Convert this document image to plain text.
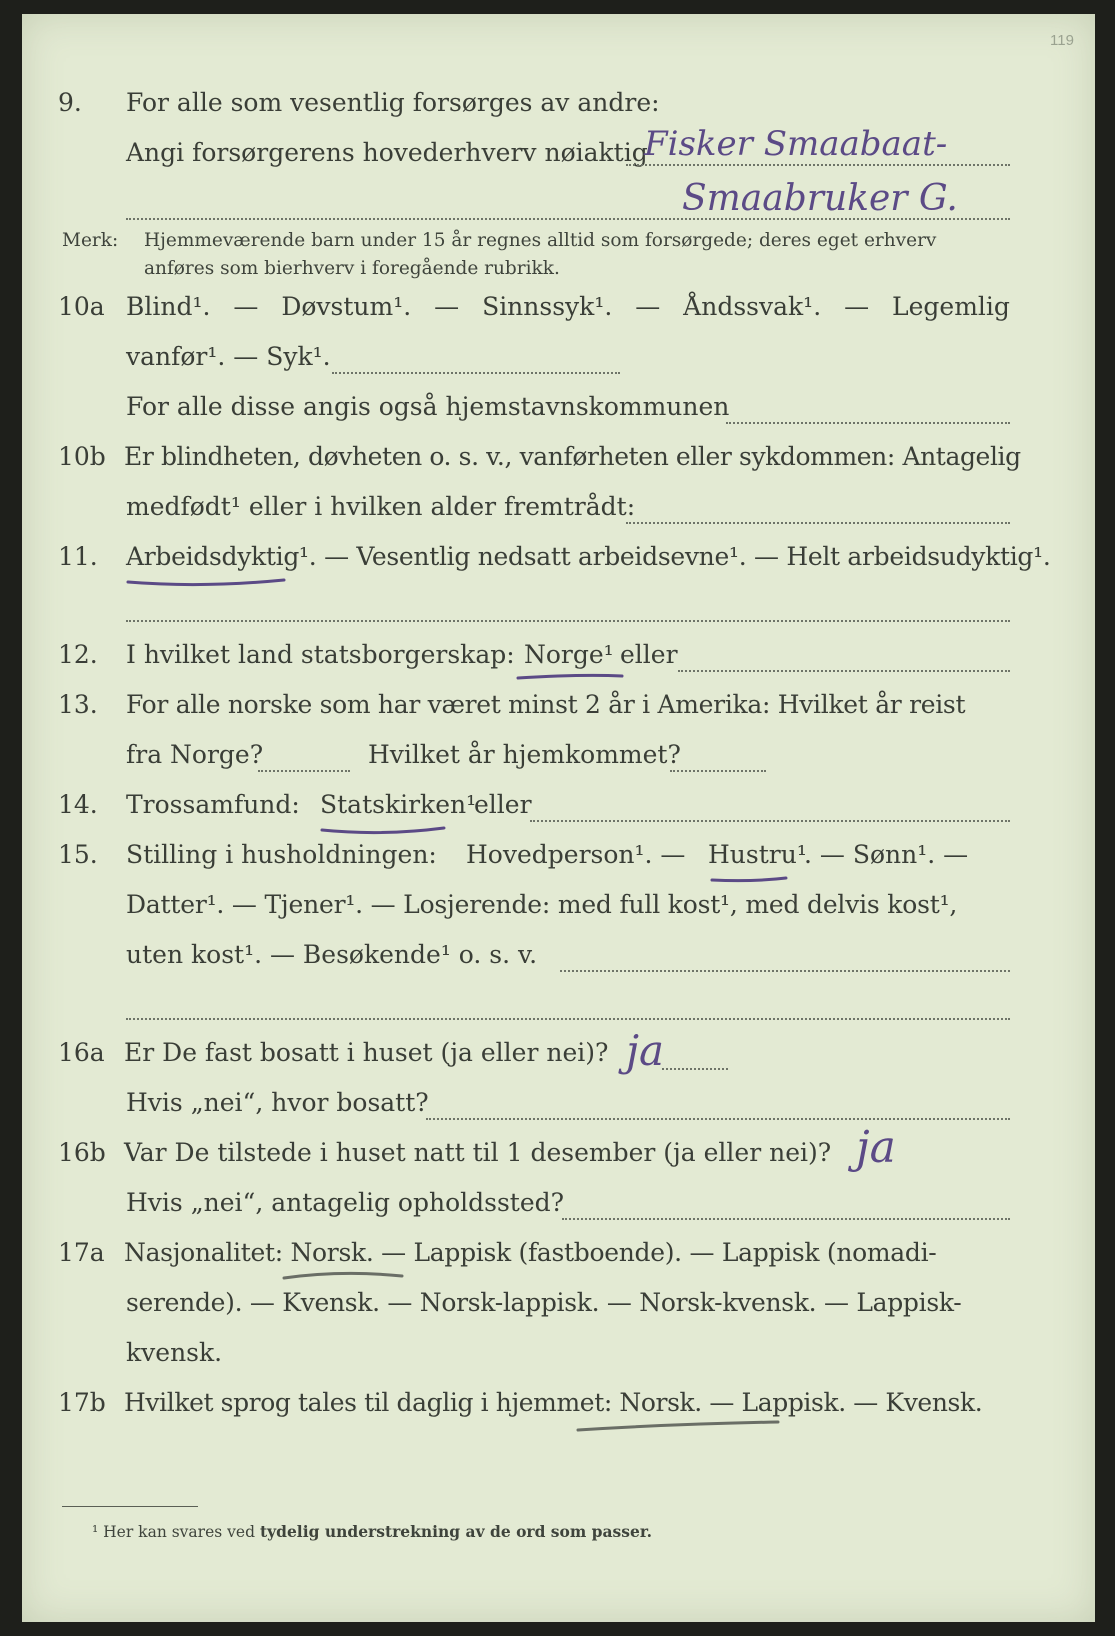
119
9. For alle som vesentlig forsørges av andre:
Angi forsørgerens hovederhverv nøiaktig
Fisker Smaabaat-
Smaabruker G.
Merk: Hjemmeværende barn under 15 år regnes alltid som forsørgede; deres eget erhverv
anføres som bierhverv i foregående rubrikk.
10a Blind¹. — Døvstum¹. — Sinnssyk¹. — Åndssvak¹. — Legemlig
vanfør¹. — Syk¹.
For alle disse angis også hjemstavnskommunen
10b Er blindheten, døvheten o. s. v., vanførheten eller sykdommen: Antagelig
medfødt¹ eller i hvilken alder fremtrådt:
11. Arbeidsdyktig¹. — Vesentlig nedsatt arbeidsevne¹. — Helt arbeidsudyktig¹.
12. I hvilket land statsborgerskap: Norge¹ eller
13. For alle norske som har været minst 2 år i Amerika: Hvilket år reist
fra Norge?	Hvilket år hjemkommet?
14. Trossamfund: Statskirken¹
eller
15. Stilling i husholdningen: Hovedperson¹. — Hustru¹
. — Sønn¹. —
Datter¹. — Tjener¹. — Losjerende: med full kost¹, med delvis kost¹,
uten kost¹. — Besøkende¹ o. s. v.
16a Er De fast bosatt i huset (ja eller nei)? ja
Hvis „nei“, hvor bosatt?
16b Var De tilstede i huset natt til 1 desember (ja eller nei)? ja
Hvis „nei“, antagelig opholdssted?
17a Nasjonalitet: Norsk. — Lappisk (fastboende). — Lappisk (nomadi-
serende). — Kvensk. — Norsk-lappisk. — Norsk-kvensk. — Lappisk-
kvensk.
17b Hvilket sprog tales til daglig i hjemmet: Norsk. — Lappisk. — Kvensk.
¹ Her kan svares ved tydelig understrekning av de ord som passer.
